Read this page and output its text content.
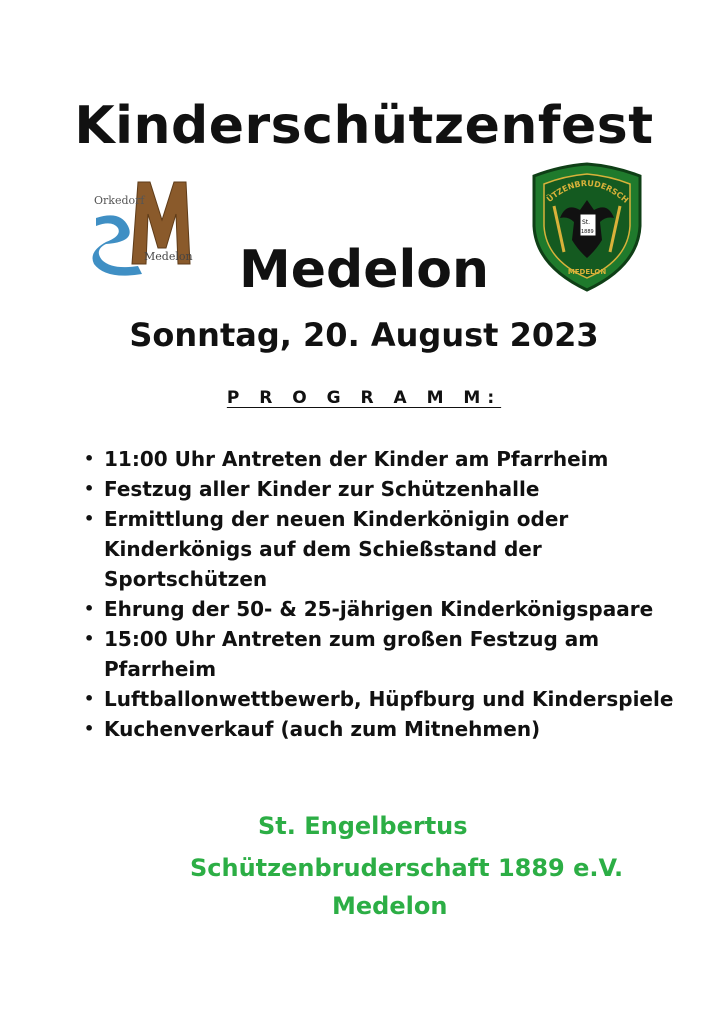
Kinderschützenfest
Orkedorf
Medelon
St.
1889
ÜTZENBRUDERSCH
MEDELON
Medelon
Sonntag, 20. August 2023
P R O G R A M M:
• 11:00 Uhr Antreten der Kinder am Pfarrheim
• Festzug aller Kinder zur Schützenhalle
• Ermittlung der neuen Kinderkönigin oder Kinderkönigs auf dem Schießstand der Sportschützen
• Ehrung der 50- & 25-jährigen Kinderkönigspaare
• 15:00 Uhr Antreten zum großen Festzug am Pfarrheim
• Luftballonwettbewerb, Hüpfburg und Kinderspiele
• Kuchenverkauf (auch zum Mitnehmen)
St. Engelbertus
Schützenbruderschaft 1889 e.V.
Medelon
